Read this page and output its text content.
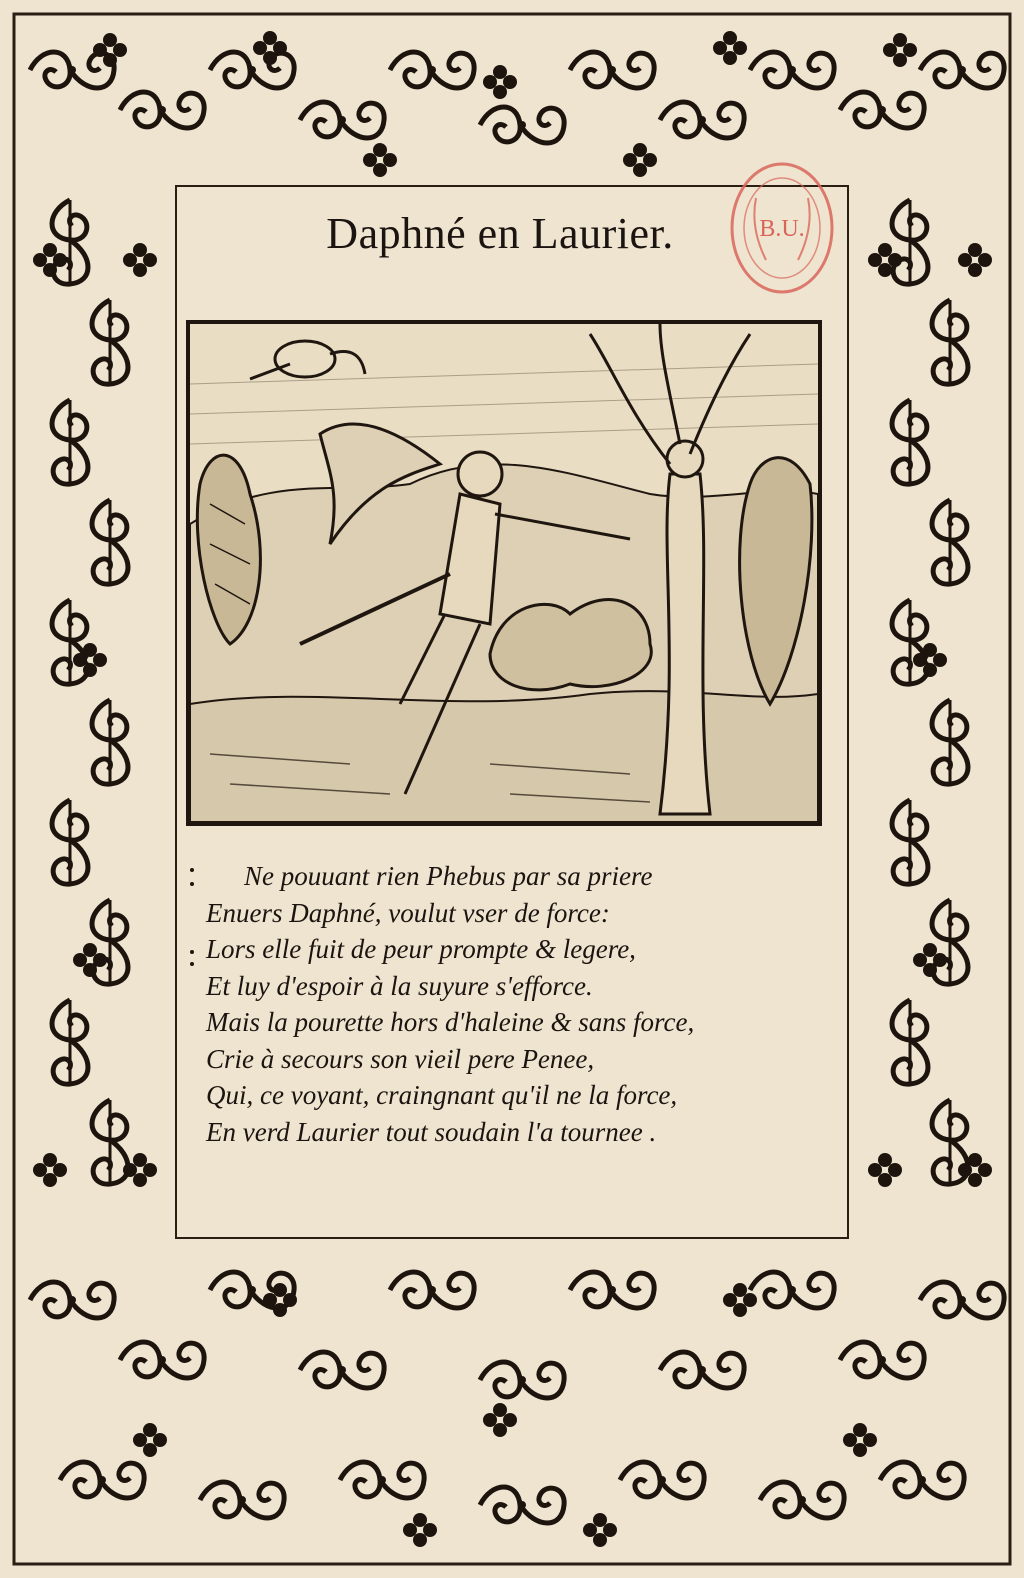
Daphné en Laurier.	B.U.
Ne pouuant rien Phebus par sa priere
Enuers Daphné, voulut vser de force:
Lors elle fuit de peur prompte & legere,
Et luy d'espoir à la suyure s'efforce.
Mais la pourette hors d'haleine & sans force,
Crie à secours son vieil pere Penee,
Qui, ce voyant, craingnant qu'il ne la force,
En verd Laurier tout soudain l'a tournee .
